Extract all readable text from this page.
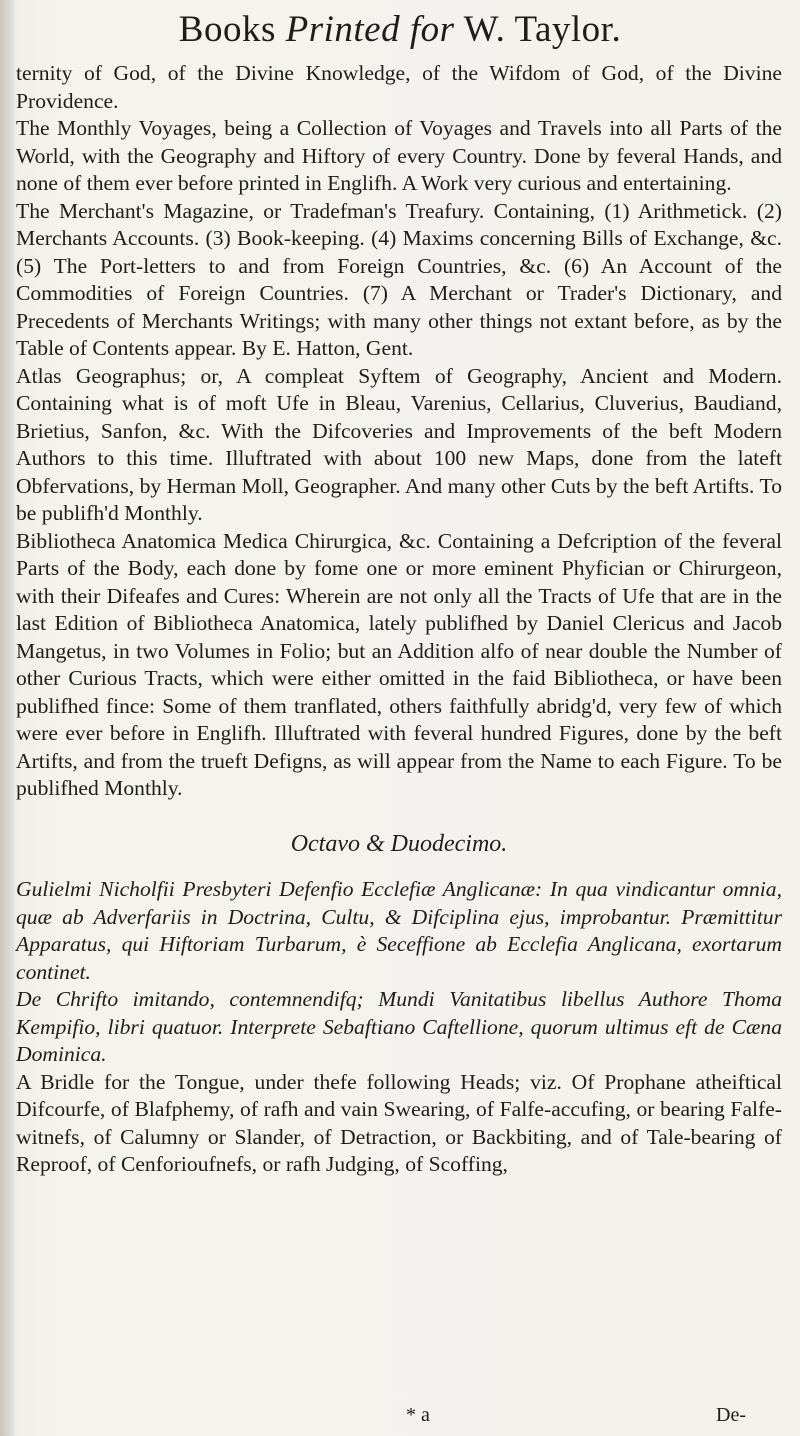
Books Printed for W. Taylor.

ternity of God, of the Divine Knowledge, of the Wifdom of God, of the Divine Providence.

The Monthly Voyages, being a Collection of Voyages and Travels into all Parts of the World, with the Geography and Hiftory of every Country. Done by feveral Hands, and none of them ever before printed in Englifh. A Work very curious and entertaining.

The Merchant's Magazine, or Tradefman's Treafury. Containing, (1) Arithmetick. (2) Merchants Accounts. (3) Book-keeping. (4) Maxims concerning Bills of Exchange, &c. (5) The Port-letters to and from Foreign Countries, &c. (6) An Account of the Commodities of Foreign Countries. (7) A Merchant or Trader's Dictionary, and Precedents of Merchants Writings; with many other things not extant before, as by the Table of Contents appear. By E. Hatton, Gent.

Atlas Geographus; or, A compleat Syftem of Geography, Ancient and Modern. Containing what is of moft Ufe in Bleau, Varenius, Cellarius, Cluverius, Baudiand, Brietius, Sanfon, &c. With the Difcoveries and Improvements of the beft Modern Authors to this time. Illuftrated with about 100 new Maps, done from the lateft Obfervations, by Herman Moll, Geographer. And many other Cuts by the beft Artifts. To be publifh'd Monthly.

Bibliotheca Anatomica Medica Chirurgica, &c. Containing a Defcription of the feveral Parts of the Body, each done by fome one or more eminent Phyfician or Chirurgeon, with their Difeafes and Cures: Wherein are not only all the Tracts of Ufe that are in the last Edition of Bibliotheca Anatomica, lately publifhed by Daniel Clericus and Jacob Mangetus, in two Volumes in Folio; but an Addition alfo of near double the Number of other Curious Tracts, which were either omitted in the faid Bibliotheca, or have been publifhed fince: Some of them tranflated, others faithfully abridg'd, very few of which were ever before in Englifh. Illuftrated with feveral hundred Figures, done by the beft Artifts, and from the trueft Defigns, as will appear from the Name to each Figure. To be publifhed Monthly.

Octavo & Duodecimo.

Gulielmi Nicholfii Presbyteri Defenfio Ecclefiæ Anglicanæ: In qua vindicantur omnia, quæ ab Adverfariis in Doctrina, Cultu, & Difciplina ejus, improbantur. Præmittitur Apparatus, qui Hiftoriam Turbarum, è Seceffione ab Ecclefia Anglicana, exortarum continet.

De Chrifto imitando, contemnendifq; Mundi Vanitatibus libellus Authore Thoma Kempifio, libri quatuor. Interprete Sebaftiano Caftellione, quorum ultimus eft de Cæna Dominica.

A Bridle for the Tongue, under thefe following Heads; viz. Of Prophane atheiftical Difcourfe, of Blafphemy, of rafh and vain Swearing, of Falfe-accufing, or bearing Falfe-witnefs, of Calumny or Slander, of Detraction, or Backbiting, and of Tale-bearing of Reproof, of Cenforioufnefs, or rafh Judging, of Scoffing,

* a	De-
